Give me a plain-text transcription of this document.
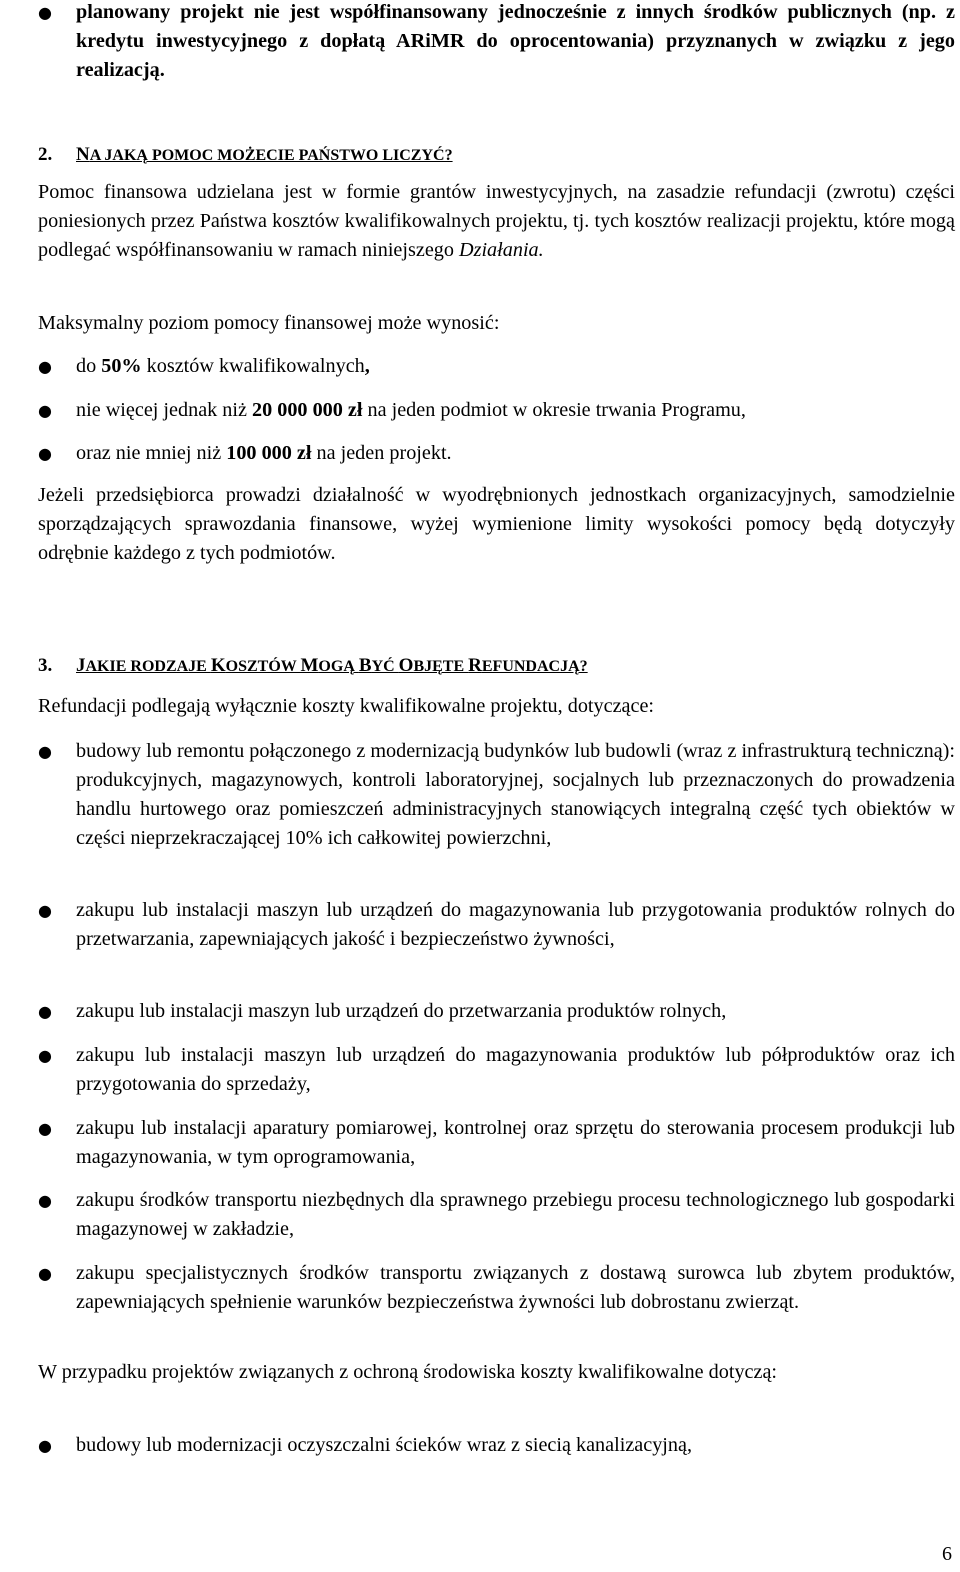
●	planowany projekt nie jest współfinansowany jednocześnie z innych środków publicznych (np. z kredytu inwestycyjnego z dopłatą ARiMR do oprocentowania) przyznanych w związku z jego realizacją.
2. NA JAKĄ POMOC MOŻECIE PAŃSTWO LICZYĆ?

Pomoc finansowa udzielana jest w formie grantów inwestycyjnych, na zasadzie refundacji (zwrotu) części poniesionych przez Państwa kosztów kwalifikowalnych projektu, tj. tych kosztów realizacji projektu, które mogą podlegać współfinansowaniu w ramach niniejszego Działania.

Maksymalny poziom pomocy finansowej może wynosić:

●	do 50% kosztów kwalifikowalnych,
●	nie więcej jednak niż 20 000 000 zł na jeden podmiot w okresie trwania Programu,
●	oraz nie mniej niż 100 000 zł na jeden projekt.

Jeżeli przedsiębiorca prowadzi działalność w wyodrębnionych jednostkach organizacyjnych, samodzielnie sporządzających sprawozdania finansowe, wyżej wymienione limity wysokości pomocy będą dotyczyły odrębnie każdego z tych podmiotów.

3. JAKIE RODZAJE KOSZTÓW MOGĄ BYĆ OBJĘTE REFUNDACJĄ?

Refundacji podlegają wyłącznie koszty kwalifikowalne projektu, dotyczące:

●	budowy lub remontu połączonego z modernizacją budynków lub budowli (wraz z infrastrukturą techniczną): produkcyjnych, magazynowych, kontroli laboratoryjnej, socjalnych lub przeznaczonych do prowadzenia handlu hurtowego oraz pomieszczeń administracyjnych stanowiących integralną część tych obiektów w części nieprzekraczającej 10% ich całkowitej powierzchni,
●	zakupu lub instalacji maszyn lub urządzeń do magazynowania lub przygotowania produktów rolnych do przetwarzania, zapewniających jakość i bezpieczeństwo żywności,
●	zakupu lub instalacji maszyn lub urządzeń do przetwarzania produktów rolnych,
●	zakupu lub instalacji maszyn lub urządzeń do magazynowania produktów lub półproduktów oraz ich przygotowania do sprzedaży,
●	zakupu lub instalacji aparatury pomiarowej, kontrolnej oraz sprzętu do sterowania procesem produkcji lub magazynowania, w tym oprogramowania,
●	zakupu środków transportu niezbędnych dla sprawnego przebiegu procesu technologicznego lub gospodarki magazynowej w zakładzie,
●	zakupu specjalistycznych środków transportu związanych z dostawą surowca lub zbytem produktów, zapewniających spełnienie warunków bezpieczeństwa żywności lub dobrostanu zwierząt.

W przypadku projektów związanych z ochroną środowiska koszty kwalifikowalne dotyczą:

●	budowy lub modernizacji oczyszczalni ścieków wraz z siecią kanalizacyjną,
6
